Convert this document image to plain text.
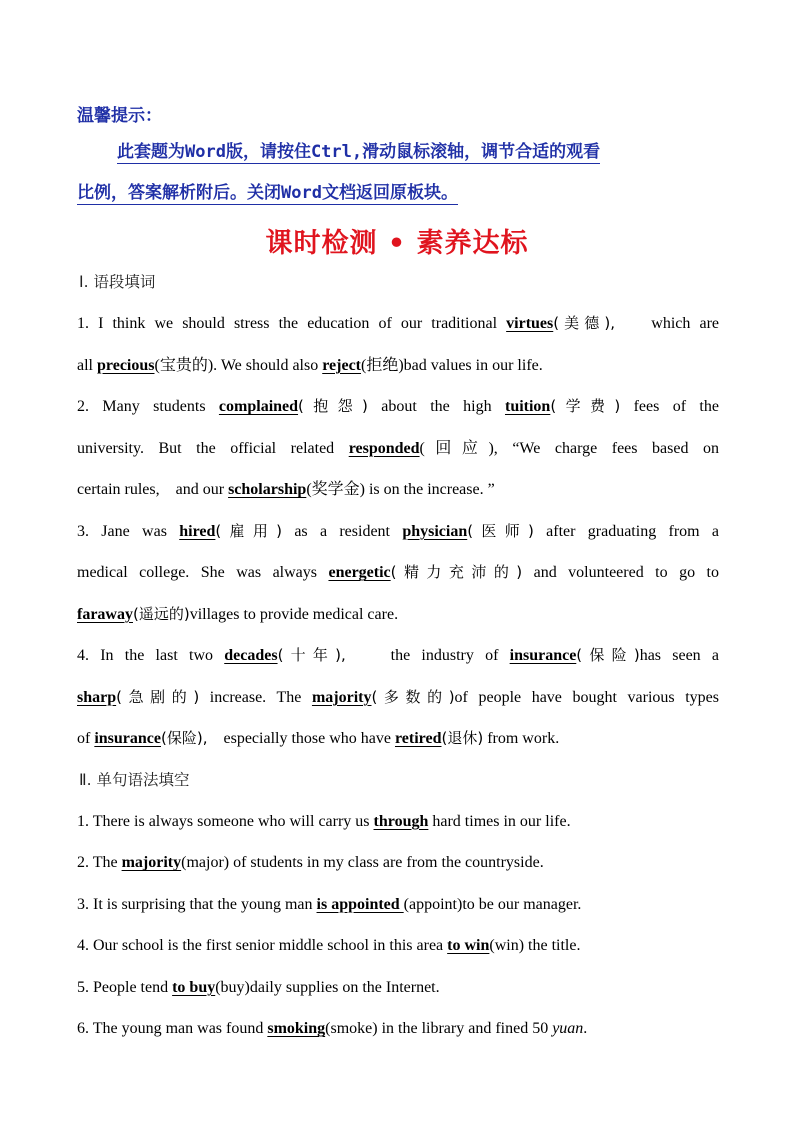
温馨提示：
此套题为Word版，请按住Ctrl,滑动鼠标滚轴，调节合适的观看
比例，答案解析附后。关闭Word文档返回原板块。
课时检测 • 素养达标
Ⅰ. 语段填词
1. I think we should stress the education of our traditional virtues(美德), which are
all precious(宝贵的). We should also reject(拒绝)bad values in our life.
2. Many students complained(抱怨) about the high tuition(学费) fees of the
university. But the official related responded(回应), “We charge fees based on
certain rules, and our scholarship(奖学金) is on the increase. ”
3. Jane was hired(雇用) as a resident physician(医师) after graduating from a
medical college. She was always energetic(精力充沛的) and volunteered to go to
faraway(遥远的)villages to provide medical care.
4. In the last two decades(十年),	the industry of insurance(保险)has seen a
sharp(急剧的) increase. The majority(多数的)of people have bought various types
of insurance(保险), especially those who have retired(退休) from work.
Ⅱ. 单句语法填空
1. There is always someone who will carry us through hard times in our life.
2. The majority(major) of students in my class are from the countryside.
3. It is surprising that the young man is appointed (appoint)to be our manager.
4. Our school is the first senior middle school in this area to win(win) the title.
5. People tend to buy(buy)daily supplies on the Internet.
6. The young man was found smoking(smoke) in the library and fined 50 yuan.
